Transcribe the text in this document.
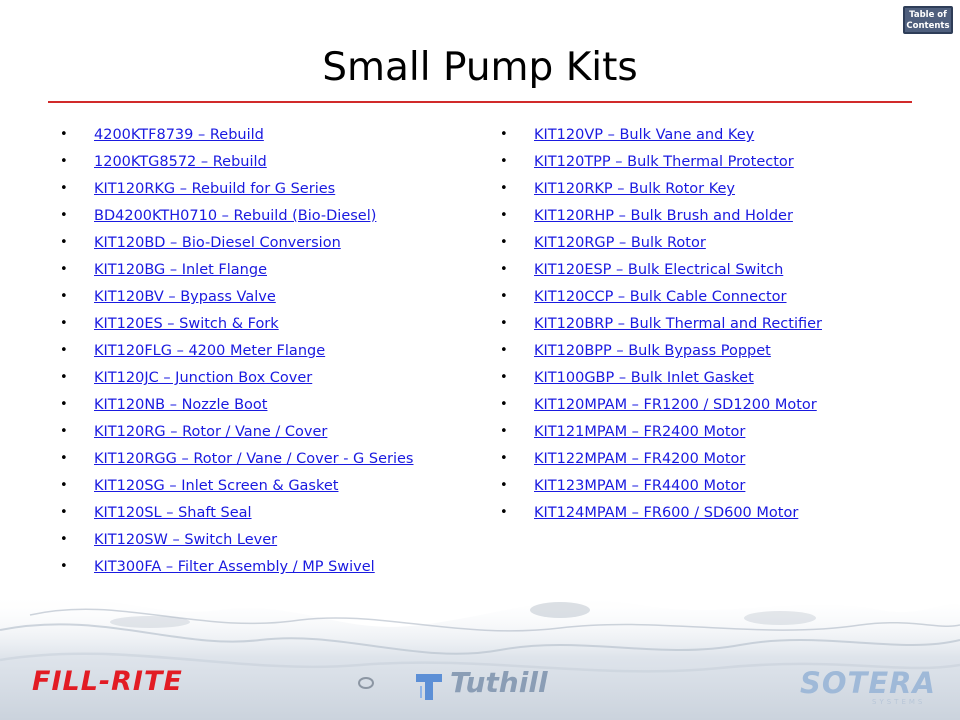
Table of
Contents
Small Pump Kits
•	4200KTF8739 – Rebuild
•	1200KTG8572 – Rebuild
•	KIT120RKG – Rebuild for G Series
•	BD4200KTH0710 – Rebuild (Bio-Diesel)
•	KIT120BD – Bio-Diesel Conversion
•	KIT120BG – Inlet Flange
•	KIT120BV – Bypass Valve
•	KIT120ES – Switch & Fork
•	KIT120FLG – 4200 Meter Flange
•	KIT120JC – Junction Box Cover
•	KIT120NB – Nozzle Boot
•	KIT120RG – Rotor / Vane / Cover
•	KIT120RGG – Rotor / Vane / Cover - G Series
•	KIT120SG – Inlet Screen & Gasket
•	KIT120SL – Shaft Seal
•	KIT120SW – Switch Lever
•	KIT300FA – Filter Assembly / MP Swivel
•	KIT120VP – Bulk Vane and Key
•	KIT120TPP – Bulk Thermal Protector
•	KIT120RKP – Bulk Rotor Key
•	KIT120RHP – Bulk Brush and Holder
•	KIT120RGP – Bulk Rotor
•	KIT120ESP – Bulk Electrical Switch
•	KIT120CCP – Bulk Cable Connector
•	KIT120BRP – Bulk Thermal and Rectifier
•	KIT120BPP – Bulk Bypass Poppet
•	KIT100GBP – Bulk Inlet Gasket
•	KIT120MPAM – FR1200 / SD1200 Motor
•	KIT121MPAM – FR2400 Motor
•	KIT122MPAM – FR4200 Motor
•	KIT123MPAM – FR4400 Motor
•	KIT124MPAM – FR600 / SD600 Motor
FILL-RITE	Tuthill	SOTERA
SYSTEMS
